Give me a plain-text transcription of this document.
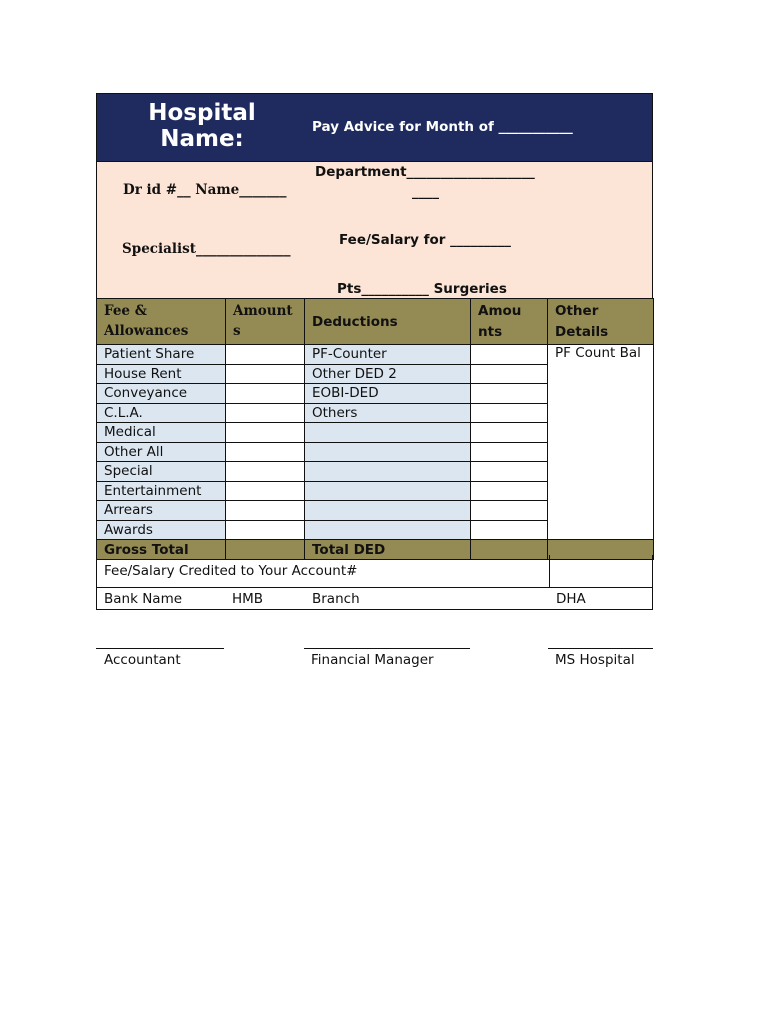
Hospital Name:	Pay Advice for Month of ___________
Dr id #__ Name_______
Specialist______________
Department___________________
____
Fee/Salary for _________
Pts__________ Surgeries
Fee & Allowances	Amount s	Deductions	Amou nts	Other Details
Patient Share		PF-Counter		PF Count Bal
House Rent		Other DED 2		
Conveyance		EOBI-DED		
C.L.A.		Others		
Medical				
Other All				
Special				
Entertainment				
Arrears				
Awards				
Gross Total		Total DED		
Fee/Salary Credited to Your Account#
Bank Name	HMB	Branch	DHA
Accountant	Financial Manager	MS Hospital
